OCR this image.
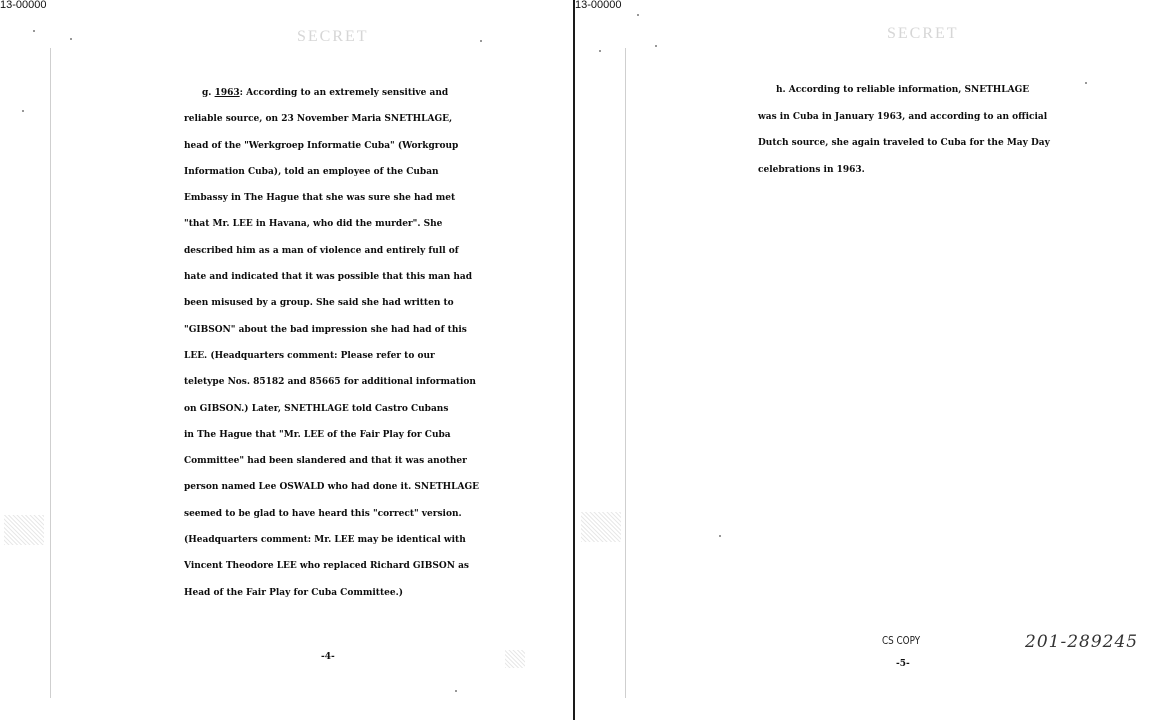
13-00000
SECRET
g. 1963: According to an extremely sensitive and
reliable source, on 23 November Maria SNETHLAGE,
head of the "Werkgroep Informatie Cuba" (Workgroup
Information Cuba), told an employee of the Cuban
Embassy in The Hague that she was sure she had met
"that Mr. LEE in Havana, who did the murder". She
described him as a man of violence and entirely full of
hate and indicated that it was possible that this man had
been misused by a group. She said she had written to
"GIBSON" about the bad impression she had had of this
LEE. (Headquarters comment: Please refer to our
teletype Nos. 85182 and 85665 for additional information
on GIBSON.) Later, SNETHLAGE told Castro Cubans
in The Hague that "Mr. LEE of the Fair Play for Cuba
Committee" had been slandered and that it was another
person named Lee OSWALD who had done it. SNETHLAGE
seemed to be glad to have heard this "correct" version.
(Headquarters comment: Mr. LEE may be identical with
Vincent Theodore LEE who replaced Richard GIBSON as
Head of the Fair Play for Cuba Committee.)
-4-
13-00000
SECRET
h. According to reliable information, SNETHLAGE
was in Cuba in January 1963, and according to an official
Dutch source, she again traveled to Cuba for the May Day
celebrations in 1963.
CS COPY
-5-
201-289245
